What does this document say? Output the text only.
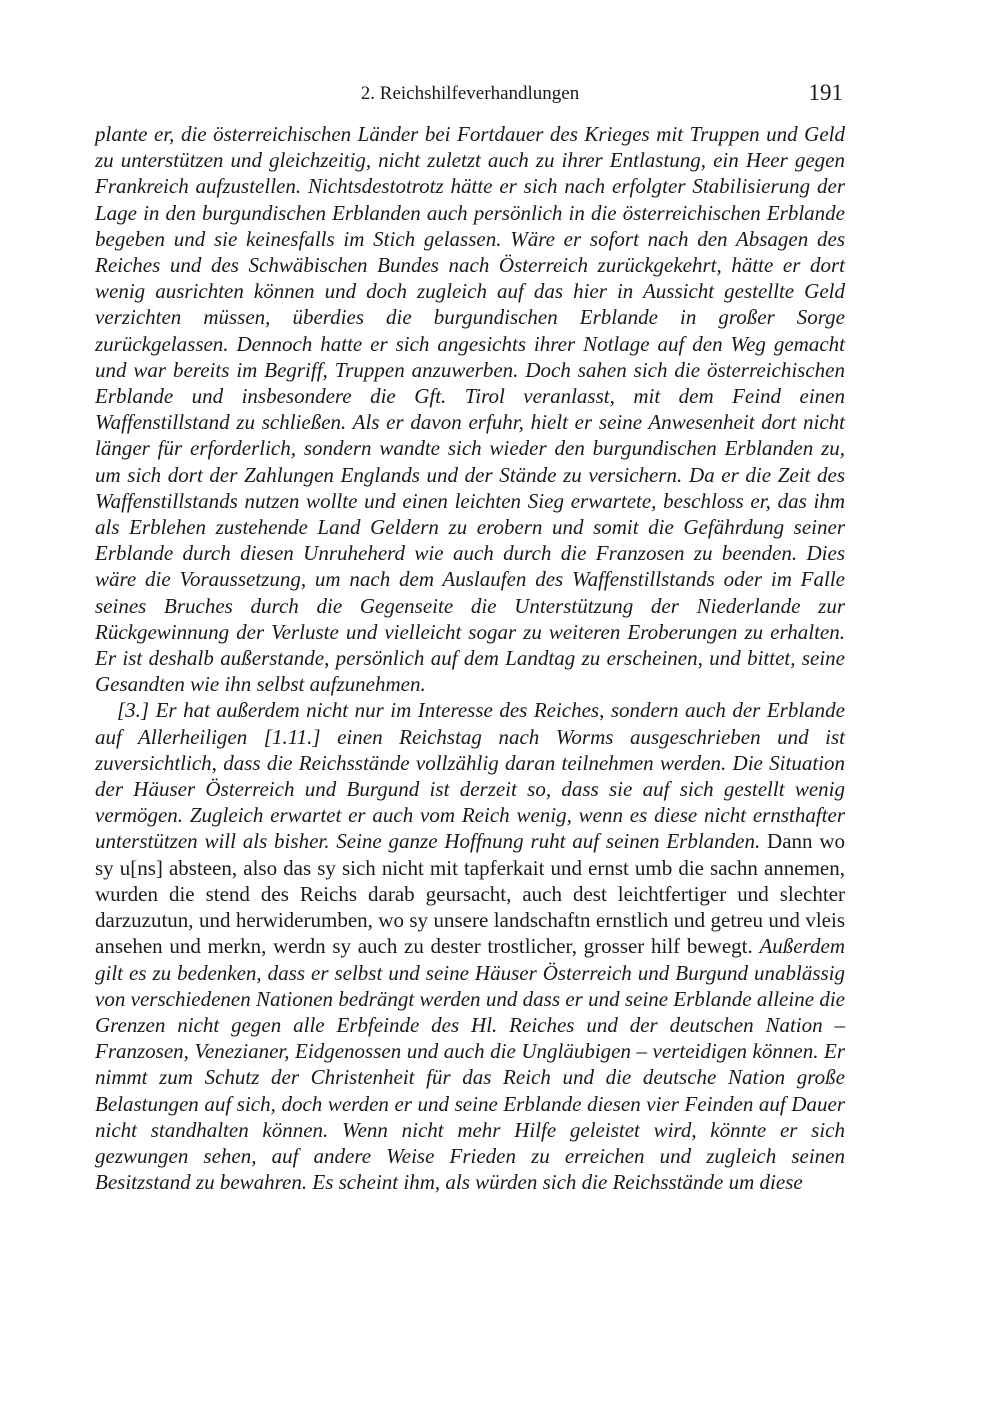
2. Reichshilfeverhandlungen	191

plante er, die österreichischen Länder bei Fortdauer des Krieges mit Truppen und Geld zu unterstützen und gleichzeitig, nicht zuletzt auch zu ihrer Entlastung, ein Heer gegen Frankreich aufzustellen. Nichtsdestotrotz hätte er sich nach erfolgter Stabilisierung der Lage in den burgundischen Erblanden auch persönlich in die österreichischen Erblande begeben und sie keinesfalls im Stich gelassen. Wäre er sofort nach den Absagen des Reiches und des Schwäbischen Bundes nach Österreich zurückgekehrt, hätte er dort wenig ausrichten können und doch zugleich auf das hier in Aussicht gestellte Geld verzichten müssen, überdies die burgundischen Erblande in großer Sorge zurückgelassen. Dennoch hatte er sich angesichts ihrer Notlage auf den Weg gemacht und war bereits im Begriff, Truppen anzuwerben. Doch sahen sich die österreichischen Erblande und insbesondere die Gft. Tirol veranlasst, mit dem Feind einen Waffenstillstand zu schließen. Als er davon erfuhr, hielt er seine Anwesenheit dort nicht länger für erforderlich, sondern wandte sich wieder den burgundischen Erblanden zu, um sich dort der Zahlungen Englands und der Stände zu versichern. Da er die Zeit des Waffenstillstands nutzen wollte und einen leichten Sieg erwartete, beschloss er, das ihm als Erblehen zustehende Land Geldern zu erobern und somit die Gefährdung seiner Erblande durch diesen Unruheherd wie auch durch die Franzosen zu beenden. Dies wäre die Voraussetzung, um nach dem Auslaufen des Waffenstillstands oder im Falle seines Bruches durch die Gegenseite die Unterstützung der Niederlande zur Rückgewinnung der Verluste und vielleicht sogar zu weiteren Eroberungen zu erhalten. Er ist deshalb außerstande, persönlich auf dem Landtag zu erscheinen, und bittet, seine Gesandten wie ihn selbst aufzunehmen.

[3.] Er hat außerdem nicht nur im Interesse des Reiches, sondern auch der Erblande auf Allerheiligen [1.11.] einen Reichstag nach Worms ausgeschrieben und ist zuversichtlich, dass die Reichsstände vollzählig daran teilnehmen werden. Die Situation der Häuser Österreich und Burgund ist derzeit so, dass sie auf sich gestellt wenig vermögen. Zugleich erwartet er auch vom Reich wenig, wenn es diese nicht ernsthafter unterstützen will als bisher. Seine ganze Hoffnung ruht auf seinen Erblanden. Dann wo sy u[ns] absteen, also das sy sich nicht mit tapferkait und ernst umb die sachn annemen, wurden die stend des Reichs darab geursacht, auch dest leichtfertiger und slechter darzuzutun, und herwiderumben, wo sy unsere landschaftn ernstlich und getreu und vleis ansehen und merkn, werdn sy auch zu dester trostlicher, grosser hilf bewegt. Außerdem gilt es zu bedenken, dass er selbst und seine Häuser Österreich und Burgund unablässig von verschiedenen Nationen bedrängt werden und dass er und seine Erblande alleine die Grenzen nicht gegen alle Erbfeinde des Hl. Reiches und der deutschen Nation – Franzosen, Venezianer, Eidgenossen und auch die Ungläubigen – verteidigen können. Er nimmt zum Schutz der Christenheit für das Reich und die deutsche Nation große Belastungen auf sich, doch werden er und seine Erblande diesen vier Feinden auf Dauer nicht standhalten können. Wenn nicht mehr Hilfe geleistet wird, könnte er sich gezwungen sehen, auf andere Weise Frieden zu erreichen und zugleich seinen Besitzstand zu bewahren. Es scheint ihm, als würden sich die Reichsstände um diese
